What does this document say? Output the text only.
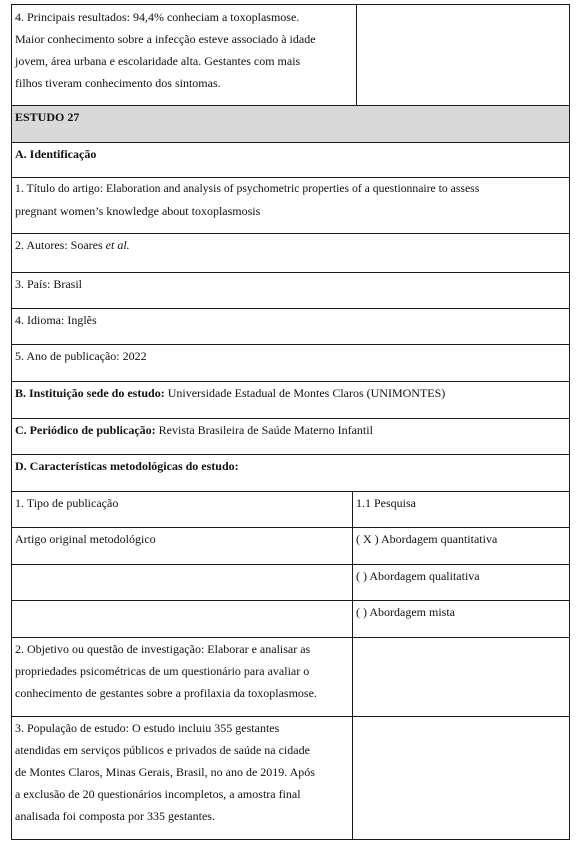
4. Principais resultados: 94,4% conheciam a toxoplasmose.
Maior conhecimento sobre a infecção esteve associado à idade
jovem, área urbana e escolaridade alta. Gestantes com mais
filhos tiveram conhecimento dos sintomas.
ESTUDO 27
A. Identificação
1. Título do artigo: Elaboration and analysis of psychometric properties of a questionnaire to assess
pregnant women’s knowledge about toxoplasmosis
2. Autores: Soares et al.
3. País: Brasil
4. Idioma: Inglês
5. Ano de publicação: 2022
B. Instituição sede do estudo: Universidade Estadual de Montes Claros (UNIMONTES)
C. Periódico de publicação: Revista Brasileira de Saúde Materno Infantil
D. Características metodológicas do estudo:
1. Tipo de publicação	1.1 Pesquisa
Artigo original metodológico	( X ) Abordagem quantitativa
( ) Abordagem qualitativa
( ) Abordagem mista
2. Objetivo ou questão de investigação: Elaborar e analisar as
propriedades psicométricas de um questionário para avaliar o
conhecimento de gestantes sobre a profilaxia da toxoplasmose.
3. População de estudo: O estudo incluiu 355 gestantes
atendidas em serviços públicos e privados de saúde na cidade
de Montes Claros, Minas Gerais, Brasil, no ano de 2019. Após
a exclusão de 20 questionários incompletos, a amostra final
analisada foi composta por 335 gestantes.
